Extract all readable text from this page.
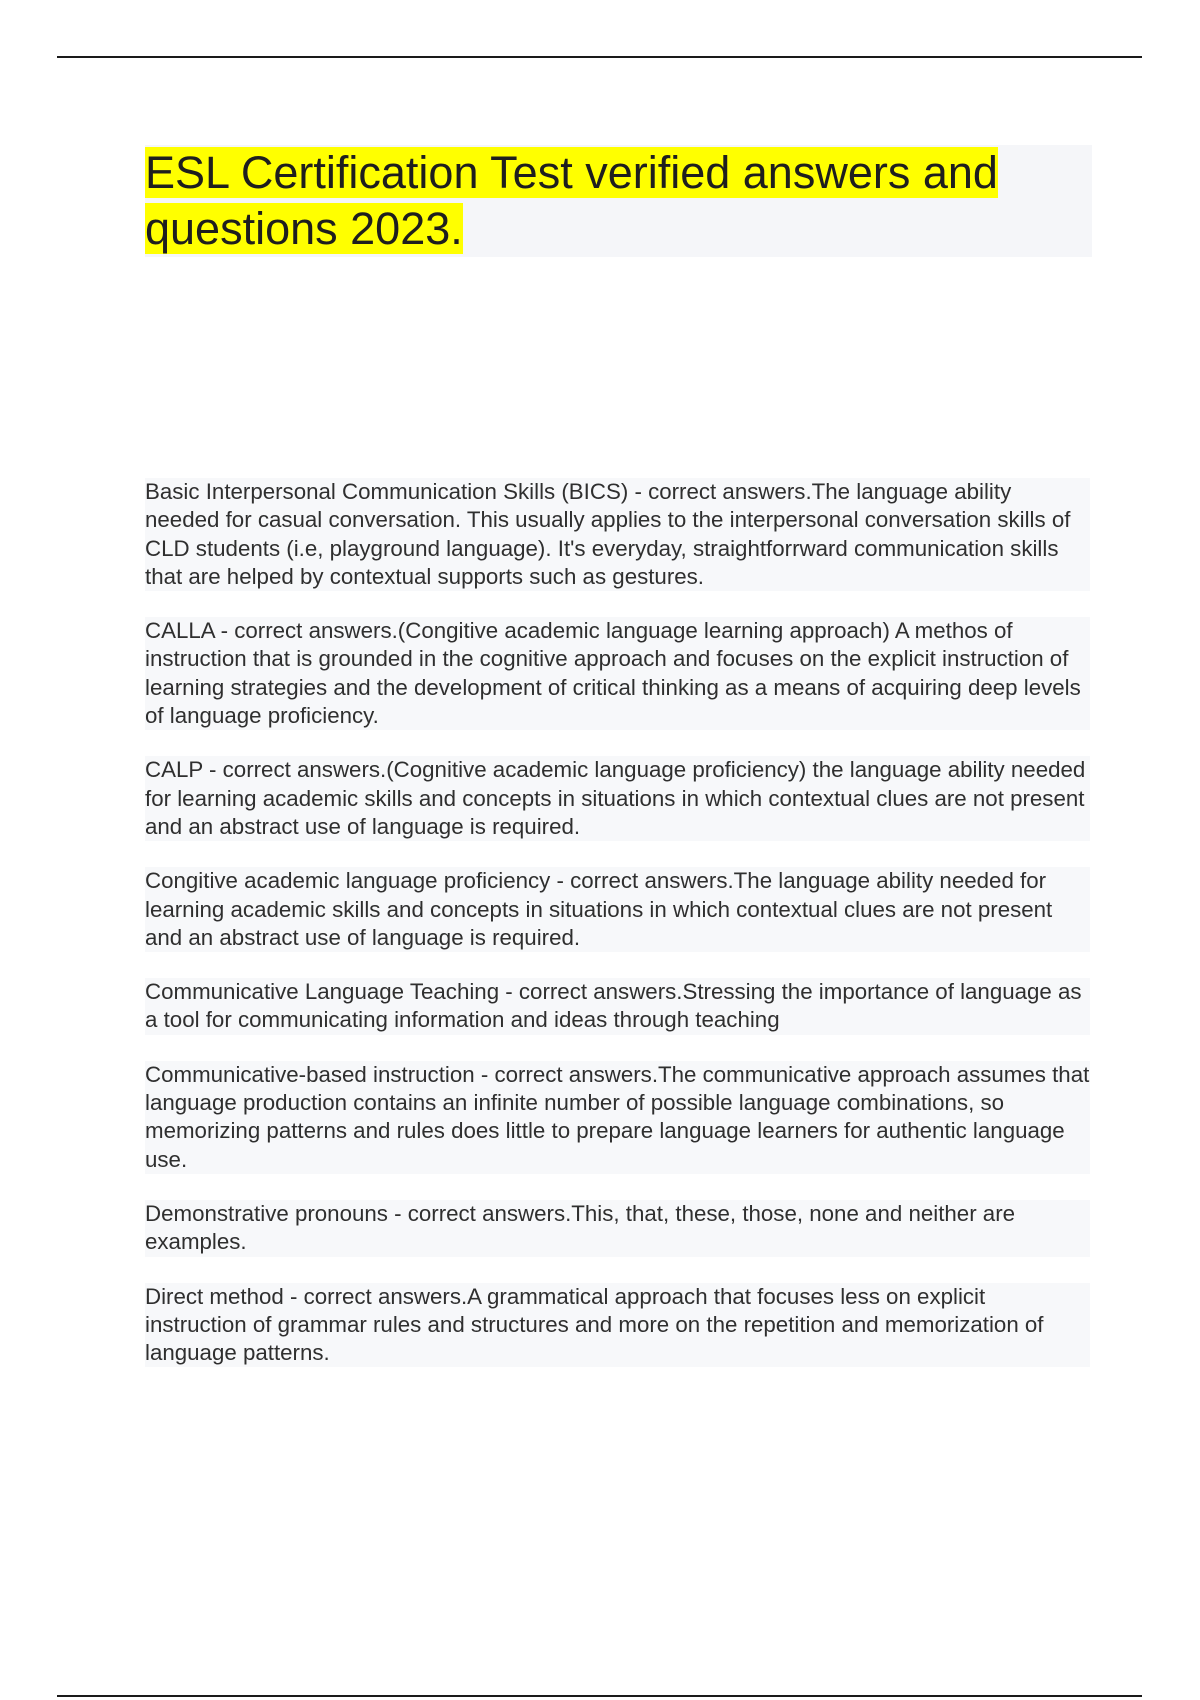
ESL Certification Test verified answers and questions 2023.

Basic Interpersonal Communication Skills (BICS) - correct answers.The language ability needed for casual conversation. This usually applies to the interpersonal conversation skills of CLD students (i.e, playground language). It's everyday, straightforrward communication skills that are helped by contextual supports such as gestures.

CALLA - correct answers.(Congitive academic language learning approach) A methos of instruction that is grounded in the cognitive approach and focuses on the explicit instruction of learning strategies and the development of critical thinking as a means of acquiring deep levels of language proficiency.

CALP - correct answers.(Cognitive academic language proficiency) the language ability needed for learning academic skills and concepts in situations in which contextual clues are not present and an abstract use of language is required.

Congitive academic language proficiency - correct answers.The language ability needed for learning academic skills and concepts in situations in which contextual clues are not present and an abstract use of language is required.

Communicative Language Teaching - correct answers.Stressing the importance of language as a tool for communicating information and ideas through teaching

Communicative-based instruction - correct answers.The communicative approach assumes that language production contains an infinite number of possible language combinations, so memorizing patterns and rules does little to prepare language learners for authentic language use.

Demonstrative pronouns - correct answers.This, that, these, those, none and neither are examples.

Direct method - correct answers.A grammatical approach that focuses less on explicit instruction of grammar rules and structures and more on the repetition and memorization of language patterns.
